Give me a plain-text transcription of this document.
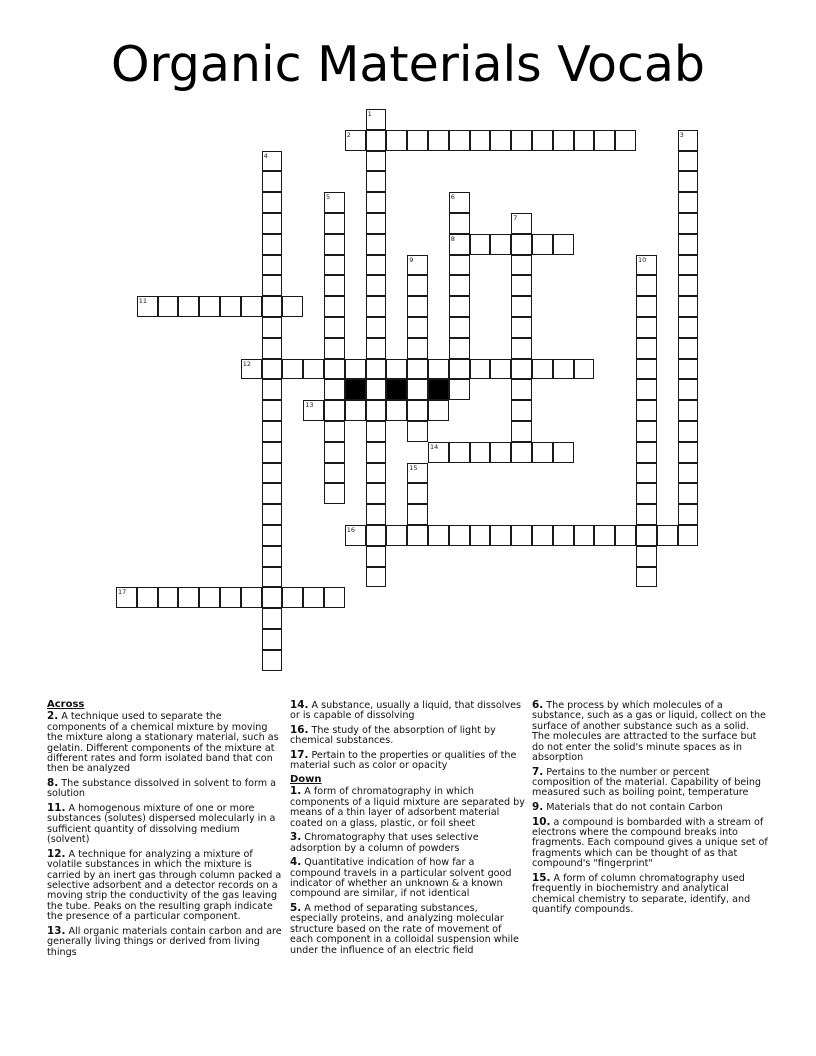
Organic Materials Vocab
1
2	3
4
5	6
8
7
9	10
11
12
13
14
15
16
17
Across
2. A technique used to separate the components of a chemical mixture by moving the mixture along a stationary material, such as gelatin. Different components of the mixture at different rates and form isolated band that con then be analyzed
8. The substance dissolved in solvent to form a solution
11. A homogenous mixture of one or more substances (solutes) dispersed molecularly in a sufficient quantity of dissolving medium (solvent)
12. A technique for analyzing a mixture of volatile substances in which the mixture is carried by an inert gas through column packed a selective adsorbent and a detector records on a moving strip the conductivity of the gas leaving the tube. Peaks on the resulting graph indicate the presence of a particular component.
13. All organic materials contain carbon and are generally living things or derived from living things
14. A substance, usually a liquid, that dissolves or is capable of dissolving
16. The study of the absorption of light by chemical substances.
17. Pertain to the properties or qualities of the material such as color or opacity
Down
1. A form of chromatography in which components of a liquid mixture are separated by means of a thin layer of adsorbent material coated on a glass, plastic, or foil sheet
3. Chromatography that uses selective adsorption by a column of powders
4. Quantitative indication of how far a compound travels in a particular solvent good indicator of whether an unknown & a known compound are similar, if not identical
5. A method of separating substances, especially proteins, and analyzing molecular structure based on the rate of movement of each component in a colloidal suspension while under the influence of an electric field
6. The process by which molecules of a substance, such as a gas or liquid, collect on the surface of another substance such as a solid. The molecules are attracted to the surface but do not enter the solid's minute spaces as in absorption
7. Pertains to the number or percent composition of the material. Capability of being measured such as boiling point, temperature
9. Materials that do not contain Carbon
10. a compound is bombarded with a stream of electrons where the compound breaks into fragments. Each compound gives a unique set of fragments which can be thought of as that compound's "fingerprint"
15. A form of column chromatography used frequently in biochemistry and analytical chemical chemistry to separate, identify, and quantify compounds.
